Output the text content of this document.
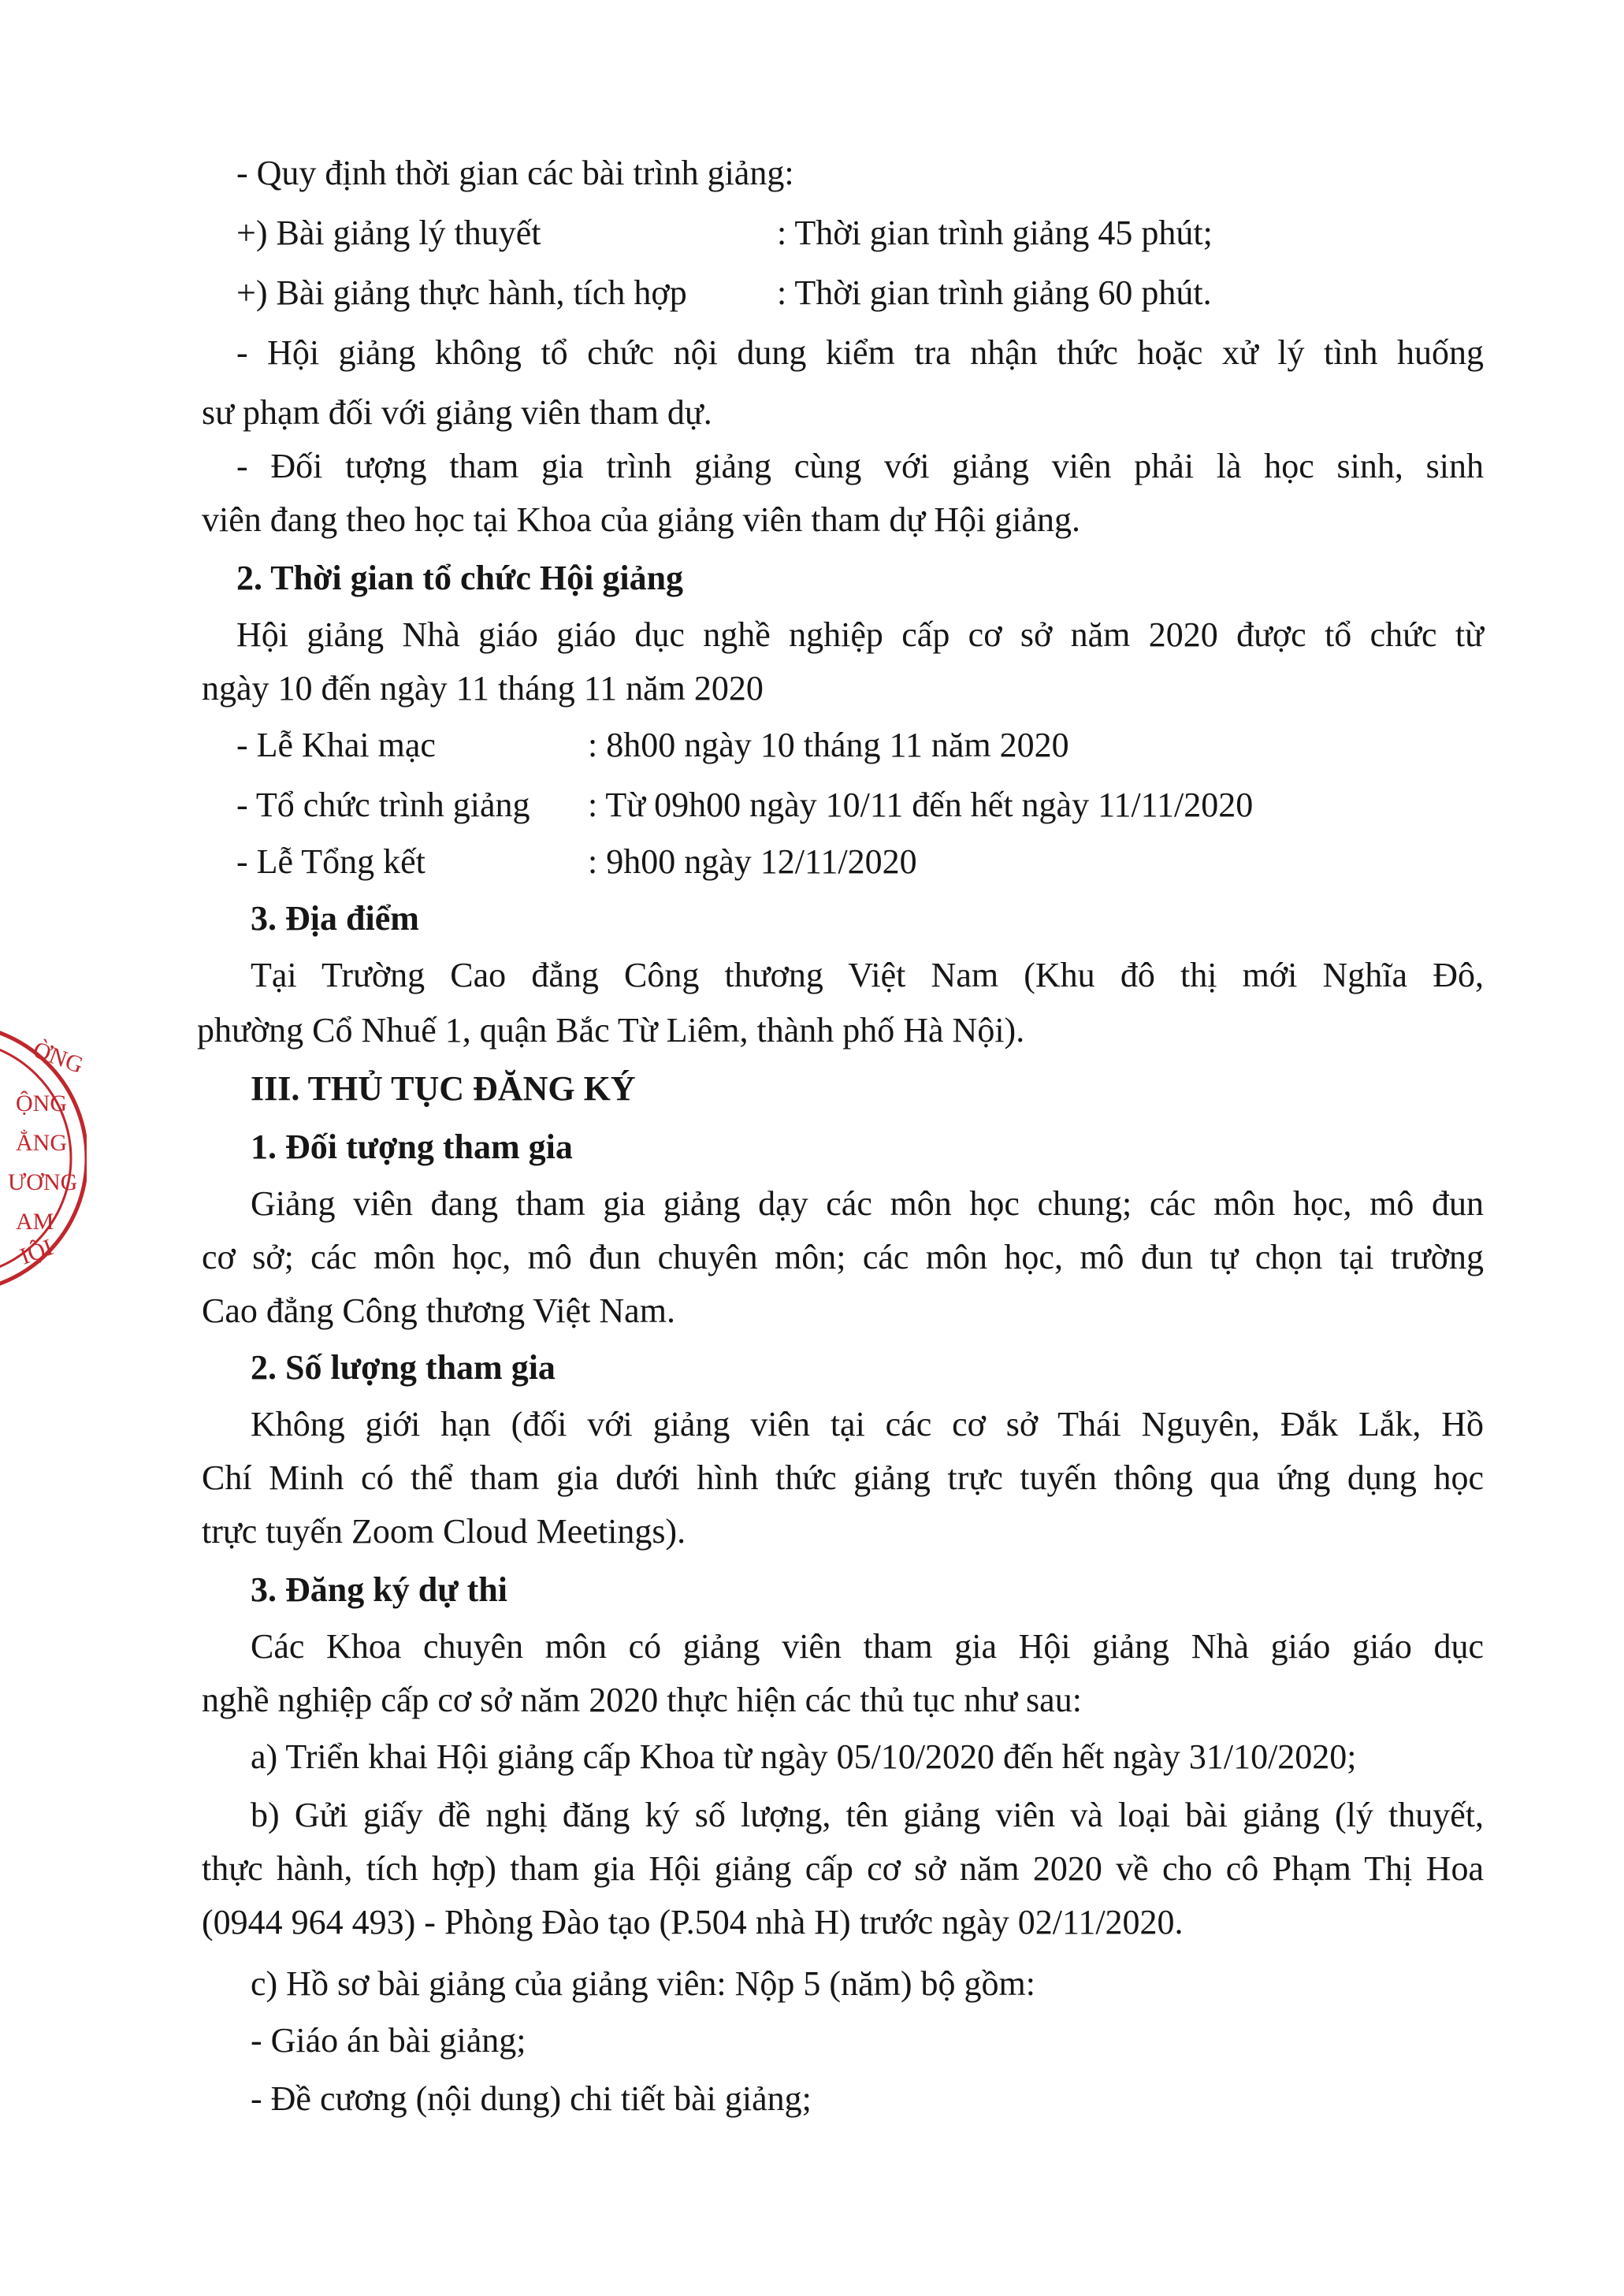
ỜNG
ỘNG
ẲNG
ƯƠNG
AM
IỘI
- Quy định thời gian các bài trình giảng:
+) Bài giảng lý thuyết	: Thời gian trình giảng 45 phút;
+) Bài giảng thực hành, tích hợp	: Thời gian trình giảng 60 phút.
- Hội giảng không tổ chức nội dung kiểm tra nhận thức hoặc xử lý tình huống
sư phạm đối với giảng viên tham dự.
- Đối tượng tham gia trình giảng cùng với giảng viên phải là học sinh, sinh
viên đang theo học tại Khoa của giảng viên tham dự Hội giảng.
2. Thời gian tổ chức Hội giảng
Hội giảng Nhà giáo giáo dục nghề nghiệp cấp cơ sở năm 2020 được tổ chức từ
ngày 10 đến ngày 11 tháng 11 năm 2020
- Lễ Khai mạc	: 8h00 ngày 10 tháng 11 năm 2020
- Tổ chức trình giảng : Từ 09h00 ngày 10/11 đến hết ngày 11/11/2020
- Lễ Tổng kết	: 9h00 ngày 12/11/2020
3. Địa điểm
Tại Trường Cao đẳng Công thương Việt Nam (Khu đô thị mới Nghĩa Đô,
phường Cổ Nhuế 1, quận Bắc Từ Liêm, thành phố Hà Nội).
III. THỦ TỤC ĐĂNG KÝ
1. Đối tượng tham gia
Giảng viên đang tham gia giảng dạy các môn học chung; các môn học, mô đun
cơ sở; các môn học, mô đun chuyên môn; các môn học, mô đun tự chọn tại trường
Cao đẳng Công thương Việt Nam.
2. Số lượng tham gia
Không giới hạn (đối với giảng viên tại các cơ sở Thái Nguyên, Đắk Lắk, Hồ
Chí Minh có thể tham gia dưới hình thức giảng trực tuyến thông qua ứng dụng học
trực tuyến Zoom Cloud Meetings).
3. Đăng ký dự thi
Các Khoa chuyên môn có giảng viên tham gia Hội giảng Nhà giáo giáo dục
nghề nghiệp cấp cơ sở năm 2020 thực hiện các thủ tục như sau:
a) Triển khai Hội giảng cấp Khoa từ ngày 05/10/2020 đến hết ngày 31/10/2020;
b) Gửi giấy đề nghị đăng ký số lượng, tên giảng viên và loại bài giảng (lý thuyết,
thực hành, tích hợp) tham gia Hội giảng cấp cơ sở năm 2020 về cho cô Phạm Thị Hoa
(0944 964 493) - Phòng Đào tạo (P.504 nhà H) trước ngày 02/11/2020.
c) Hồ sơ bài giảng của giảng viên: Nộp 5 (năm) bộ gồm:
- Giáo án bài giảng;
- Đề cương (nội dung) chi tiết bài giảng;
